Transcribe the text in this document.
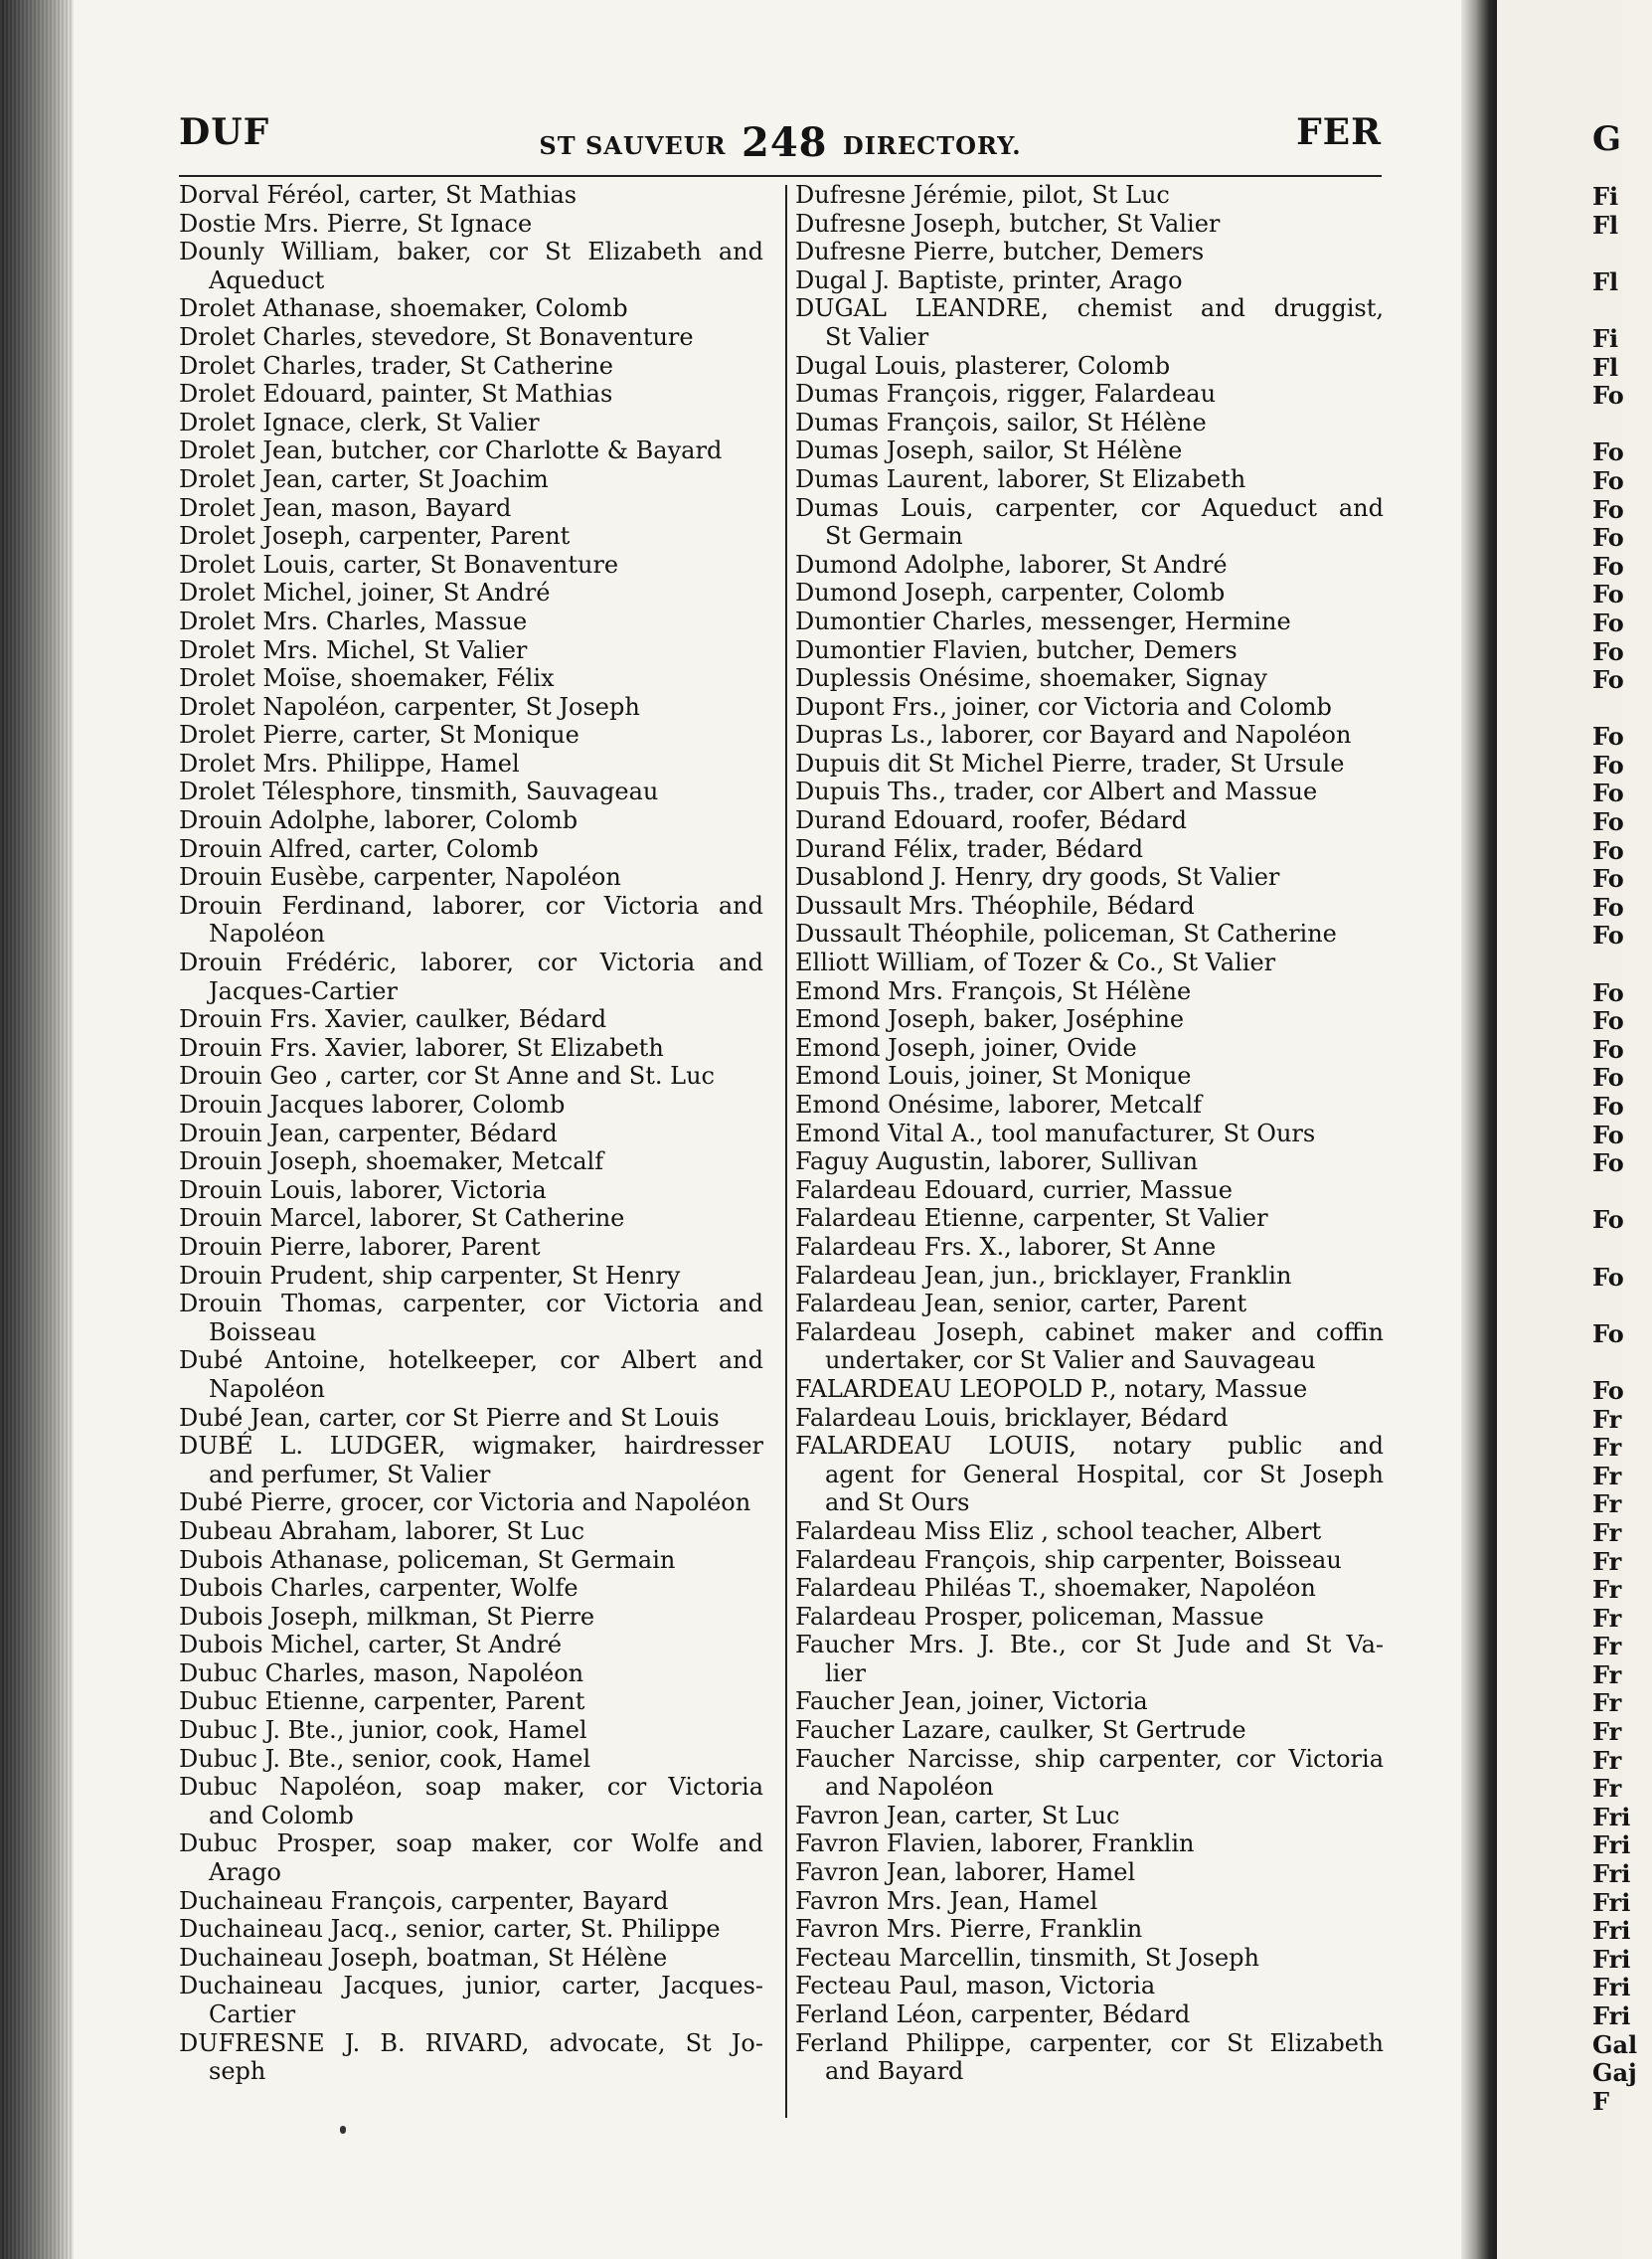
G
Fi
Fl
Fl
Fi
Fl
Fo
Fo
Fo
Fo
Fo
Fo
Fo
Fo
Fo
Fo
Fo
Fo
Fo
Fo
Fo
Fo
Fo
Fo
Fo
Fo
Fo
Fo
Fo
Fo
Fo
Fo
Fo
Fo
Fo
Fr
Fr
Fr
Fr
Fr
Fr
Fr
Fr
Fr
Fr
Fr
Fr
Fr
Fr
Fri
Fri
Fri
Fri
Fri
Fri
Fri
Fri
Gal
Gaj
F
DUF	ST SAUVEUR 248 DIRECTORY.	FER
Dorval Féréol, carter, St Mathias
Dostie Mrs. Pierre, St Ignace
Dounly William, baker, cor St Elizabeth and
Aqueduct
Drolet Athanase, shoemaker, Colomb
Drolet Charles, stevedore, St Bonaventure
Drolet Charles, trader, St Catherine
Drolet Edouard, painter, St Mathias
Drolet Ignace, clerk, St Valier
Drolet Jean, butcher, cor Charlotte & Bayard
Drolet Jean, carter, St Joachim
Drolet Jean, mason, Bayard
Drolet Joseph, carpenter, Parent
Drolet Louis, carter, St Bonaventure
Drolet Michel, joiner, St André
Drolet Mrs. Charles, Massue
Drolet Mrs. Michel, St Valier
Drolet Moïse, shoemaker, Félix
Drolet Napoléon, carpenter, St Joseph
Drolet Pierre, carter, St Monique
Drolet Mrs. Philippe, Hamel
Drolet Télesphore, tinsmith, Sauvageau
Drouin Adolphe, laborer, Colomb
Drouin Alfred, carter, Colomb
Drouin Eusèbe, carpenter, Napoléon
Drouin Ferdinand, laborer, cor Victoria and
Napoléon
Drouin Frédéric, laborer, cor Victoria and
Jacques-Cartier
Drouin Frs. Xavier, caulker, Bédard
Drouin Frs. Xavier, laborer, St Elizabeth
Drouin Geo , carter, cor St Anne and St. Luc
Drouin Jacques laborer, Colomb
Drouin Jean, carpenter, Bédard
Drouin Joseph, shoemaker, Metcalf
Drouin Louis, laborer, Victoria
Drouin Marcel, laborer, St Catherine
Drouin Pierre, laborer, Parent
Drouin Prudent, ship carpenter, St Henry
Drouin Thomas, carpenter, cor Victoria and
Boisseau
Dubé Antoine, hotelkeeper, cor Albert and
Napoléon
Dubé Jean, carter, cor St Pierre and St Louis
DUBÉ L. LUDGER, wigmaker, hairdresser
and perfumer, St Valier
Dubé Pierre, grocer, cor Victoria and Napoléon
Dubeau Abraham, laborer, St Luc
Dubois Athanase, policeman, St Germain
Dubois Charles, carpenter, Wolfe
Dubois Joseph, milkman, St Pierre
Dubois Michel, carter, St André
Dubuc Charles, mason, Napoléon
Dubuc Etienne, carpenter, Parent
Dubuc J. Bte., junior, cook, Hamel
Dubuc J. Bte., senior, cook, Hamel
Dubuc Napoléon, soap maker, cor Victoria
and Colomb
Dubuc Prosper, soap maker, cor Wolfe and
Arago
Duchaineau François, carpenter, Bayard
Duchaineau Jacq., senior, carter, St. Philippe
Duchaineau Joseph, boatman, St Hélène
Duchaineau Jacques, junior, carter, Jacques-
Cartier
DUFRESNE J. B. RIVARD, advocate, St Jo-
seph
Dufresne Jérémie, pilot, St Luc
Dufresne Joseph, butcher, St Valier
Dufresne Pierre, butcher, Demers
Dugal J. Baptiste, printer, Arago
DUGAL LEANDRE, chemist and druggist,
St Valier
Dugal Louis, plasterer, Colomb
Dumas François, rigger, Falardeau
Dumas François, sailor, St Hélène
Dumas Joseph, sailor, St Hélène
Dumas Laurent, laborer, St Elizabeth
Dumas Louis, carpenter, cor Aqueduct and
St Germain
Dumond Adolphe, laborer, St André
Dumond Joseph, carpenter, Colomb
Dumontier Charles, messenger, Hermine
Dumontier Flavien, butcher, Demers
Duplessis Onésime, shoemaker, Signay
Dupont Frs., joiner, cor Victoria and Colomb
Dupras Ls., laborer, cor Bayard and Napoléon
Dupuis dit St Michel Pierre, trader, St Ursule
Dupuis Ths., trader, cor Albert and Massue
Durand Edouard, roofer, Bédard
Durand Félix, trader, Bédard
Dusablond J. Henry, dry goods, St Valier
Dussault Mrs. Théophile, Bédard
Dussault Théophile, policeman, St Catherine
Elliott William, of Tozer & Co., St Valier
Emond Mrs. François, St Hélène
Emond Joseph, baker, Joséphine
Emond Joseph, joiner, Ovide
Emond Louis, joiner, St Monique
Emond Onésime, laborer, Metcalf
Emond Vital A., tool manufacturer, St Ours
Faguy Augustin, laborer, Sullivan
Falardeau Edouard, currier, Massue
Falardeau Etienne, carpenter, St Valier
Falardeau Frs. X., laborer, St Anne
Falardeau Jean, jun., bricklayer, Franklin
Falardeau Jean, senior, carter, Parent
Falardeau Joseph, cabinet maker and coffin
undertaker, cor St Valier and Sauvageau
FALARDEAU LEOPOLD P., notary, Massue
Falardeau Louis, bricklayer, Bédard
FALARDEAU LOUIS, notary public and
agent for General Hospital, cor St Joseph
and St Ours
Falardeau Miss Eliz , school teacher, Albert
Falardeau François, ship carpenter, Boisseau
Falardeau Philéas T., shoemaker, Napoléon
Falardeau Prosper, policeman, Massue
Faucher Mrs. J. Bte., cor St Jude and St Va-
lier
Faucher Jean, joiner, Victoria
Faucher Lazare, caulker, St Gertrude
Faucher Narcisse, ship carpenter, cor Victoria
and Napoléon
Favron Jean, carter, St Luc
Favron Flavien, laborer, Franklin
Favron Jean, laborer, Hamel
Favron Mrs. Jean, Hamel
Favron Mrs. Pierre, Franklin
Fecteau Marcellin, tinsmith, St Joseph
Fecteau Paul, mason, Victoria
Ferland Léon, carpenter, Bédard
Ferland Philippe, carpenter, cor St Elizabeth
and Bayard
